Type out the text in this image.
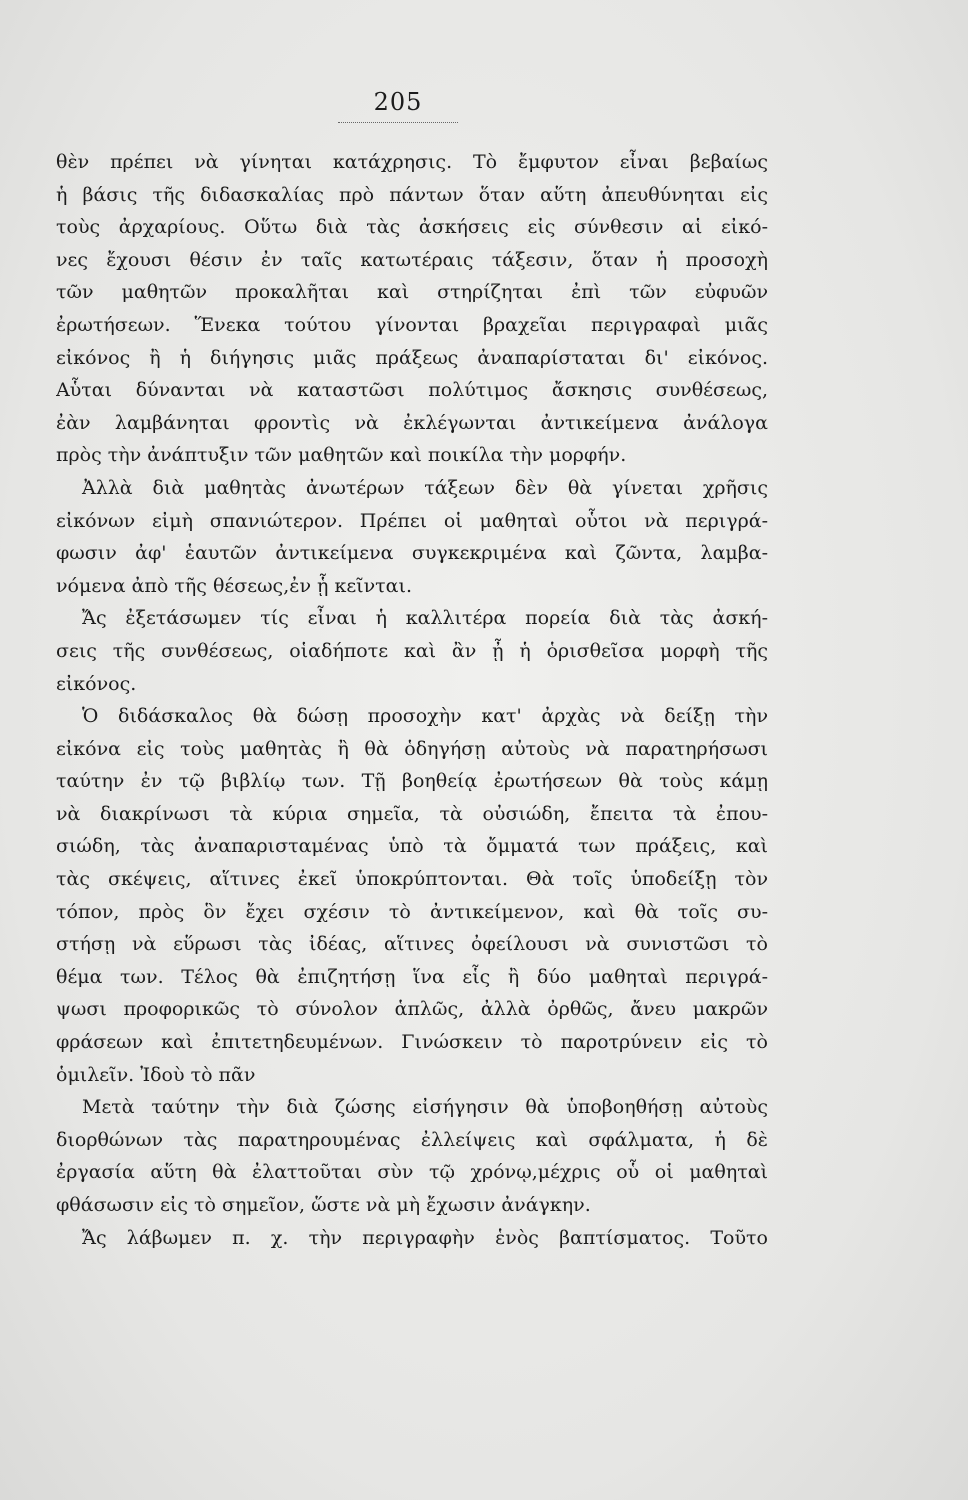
205
θὲν πρέπει νὰ γίνηται κατάχρησις. Τὸ ἔμφυτον εἶναι βεβαίως
ἡ βάσις τῆς διδασκαλίας πρὸ πάντων ὅταν αὕτη ἀπευθύνηται εἰς
τοὺς ἀρχαρίους. Οὕτω διὰ τὰς ἀσκήσεις εἰς σύνθεσιν αἱ εἰκό-
νες ἔχουσι θέσιν ἐν ταῖς κατωτέραις τάξεσιν, ὅταν ἡ προσοχὴ
τῶν μαθητῶν προκαλῆται καὶ στηρίζηται ἐπὶ τῶν εὐφυῶν
ἐρωτήσεων. Ἕνεκα τούτου γίνονται βραχεῖαι περιγραφαὶ μιᾶς
εἰκόνος ἢ ἡ διήγησις μιᾶς πράξεως ἀναπαρίσταται δι' εἰκόνος.
Αὗται δύνανται νὰ καταστῶσι πολύτιμος ἄσκησις συνθέσεως,
ἐὰν λαμβάνηται φροντὶς νὰ ἐκλέγωνται ἀντικείμενα ἀνάλογα
πρὸς τὴν ἀνάπτυξιν τῶν μαθητῶν καὶ ποικίλα τὴν μορφήν.
Ἀλλὰ διὰ μαθητὰς ἀνωτέρων τάξεων δὲν θὰ γίνεται χρῆσις
εἰκόνων εἰμὴ σπανιώτερον. Πρέπει οἱ μαθηταὶ οὗτοι νὰ περιγρά-
φωσιν ἀφ' ἑαυτῶν ἀντικείμενα συγκεκριμένα καὶ ζῶντα, λαμβα-
νόμενα ἀπὸ τῆς θέσεως,ἐν ᾗ κεῖνται.
Ἄς ἐξετάσωμεν τίς εἶναι ἡ καλλιτέρα πορεία διὰ τὰς ἀσκή-
σεις τῆς συνθέσεως, οἱαδήποτε καὶ ἂν ᾖ ἡ ὁρισθεῖσα μορφὴ τῆς
εἰκόνος.
Ὁ διδάσκαλος θὰ δώσῃ προσοχὴν κατ' ἀρχὰς νὰ δείξῃ τὴν
εἰκόνα εἰς τοὺς μαθητὰς ἢ θὰ ὁδηγήσῃ αὐτοὺς νὰ παρατηρήσωσι
ταύτην ἐν τῷ βιβλίῳ των. Τῇ βοηθείᾳ ἐρωτήσεων θὰ τοὺς κάμῃ
νὰ διακρίνωσι τὰ κύρια σημεῖα, τὰ οὐσιώδη, ἔπειτα τὰ ἐπου-
σιώδη, τὰς ἀναπαρισταμένας ὑπὸ τὰ ὄμματά των πράξεις, καὶ
τὰς σκέψεις, αἵτινες ἐκεῖ ὑποκρύπτονται. Θὰ τοῖς ὑποδείξῃ τὸν
τόπον, πρὸς ὃν ἔχει σχέσιν τὸ ἀντικείμενον, καὶ θὰ τοῖς συ-
στήσῃ νὰ εὕρωσι τὰς ἰδέας, αἵτινες ὀφείλουσι νὰ συνιστῶσι τὸ
θέμα των. Τέλος θὰ ἐπιζητήσῃ ἵνα εἷς ἢ δύο μαθηταὶ περιγρά-
ψωσι προφορικῶς τὸ σύνολον ἁπλῶς, ἀλλὰ ὀρθῶς, ἄνευ μακρῶν
φράσεων καὶ ἐπιτετηδευμένων. Γινώσκειν τὸ παροτρύνειν εἰς τὸ
ὁμιλεῖν. Ἰδοὺ τὸ πᾶν
Μετὰ ταύτην τὴν διὰ ζώσης εἰσήγησιν θὰ ὑποβοηθήσῃ αὐτοὺς
διορθώνων τὰς παρατηρουμένας ἐλλείψεις καὶ σφάλματα, ἡ δὲ
ἐργασία αὕτη θὰ ἐλαττοῦται σὺν τῷ χρόνῳ,μέχρις οὗ οἱ μαθηταὶ
φθάσωσιν εἰς τὸ σημεῖον, ὥστε νὰ μὴ ἔχωσιν ἀνάγκην.
Ἄς λάβωμεν π. χ. τὴν περιγραφὴν ἑνὸς βαπτίσματος. Τοῦτο
